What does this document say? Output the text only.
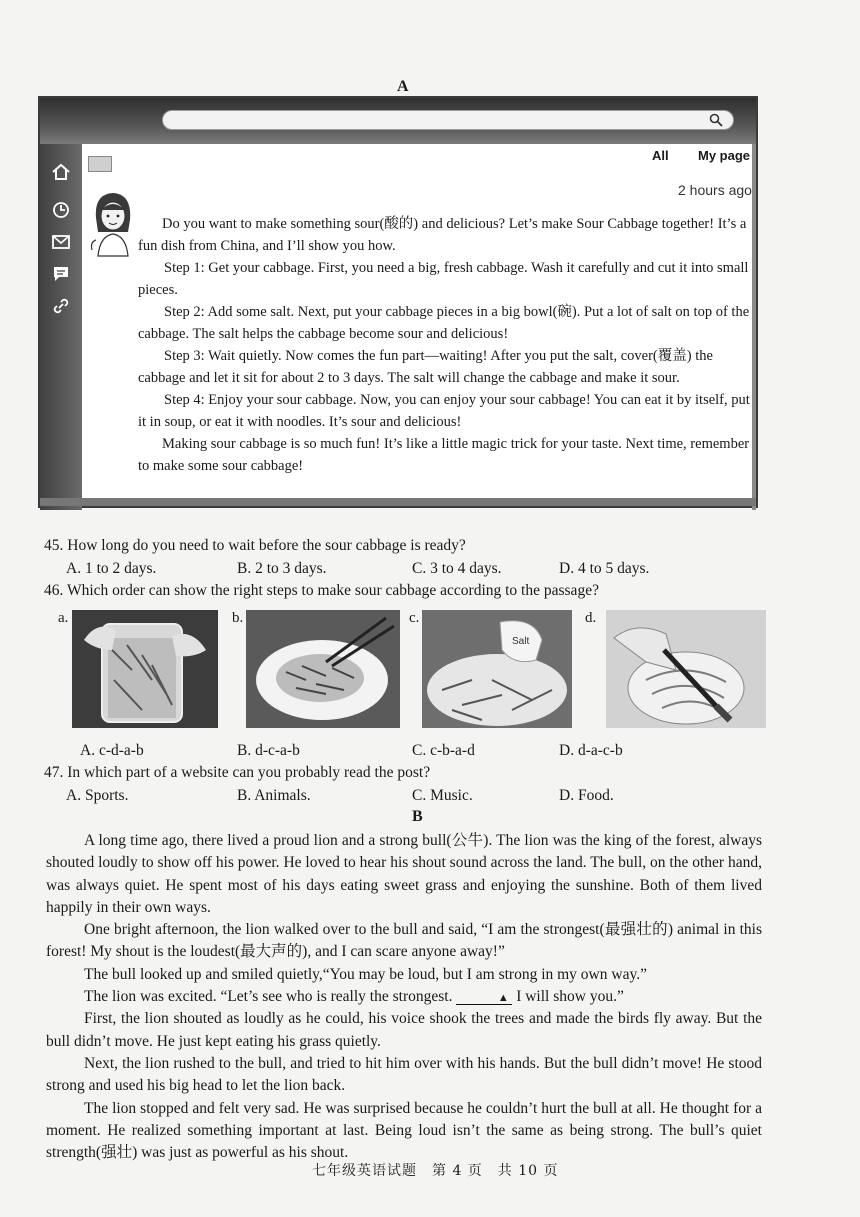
A
All My page
2 hours ago

Do you want to make something sour(酸的) and delicious? Let’s make Sour Cabbage together! It’s a fun dish from China, and I’ll show you how.

Step 1: Get your cabbage. First, you need a big, fresh cabbage. Wash it carefully and cut it into small pieces.

Step 2: Add some salt. Next, put your cabbage pieces in a big bowl(碗). Put a lot of salt on top of the cabbage. The salt helps the cabbage become sour and delicious!

Step 3: Wait quietly. Now comes the fun part—waiting! After you put the salt, cover(覆盖) the cabbage and let it sit for about 2 to 3 days. The salt will change the cabbage and make it sour.

Step 4: Enjoy your sour cabbage. Now, you can enjoy your sour cabbage! You can eat it by itself, put it in soup, or eat it with noodles. It’s sour and delicious!

Making sour cabbage is so much fun! It’s like a little magic trick for your taste. Next time, remember to make some sour cabbage!

45. How long do you need to wait before the sour cabbage is ready?
A. 1 to 2 days.	B. 2 to 3 days.	C. 3 to 4 days.	D. 4 to 5 days.
46. Which order can show the right steps to make sour cabbage according to the passage?
a.	b.	c.
Salt
d.
A. c-d-a-b	B. d-c-a-b	C. c-b-a-d	D. d-a-c-b
47. In which part of a website can you probably read the post?
A. Sports.	B. Animals.	C. Music.	D. Food.
B

A long time ago, there lived a proud lion and a strong bull(公牛). The lion was the king of the forest, always shouted loudly to show off his power. He loved to hear his shout sound across the land. The bull, on the other hand, was always quiet. He spent most of his days eating sweet grass and enjoying the sunshine. Both of them lived happily in their own ways.

One bright afternoon, the lion walked over to the bull and said, “I am the strongest(最强壮的) animal in this forest! My shout is the loudest(最大声的), and I can scare anyone away!”

The bull looked up and smiled quietly,“You may be loud, but I am strong in my own way.”

The lion was excited. “Let’s see who is really the strongest.	▲ I will show you.”

First, the lion shouted as loudly as he could, his voice shook the trees and made the birds fly away. But the bull didn’t move. He just kept eating his grass quietly.

Next, the lion rushed to the bull, and tried to hit him over with his hands. But the bull didn’t move! He stood strong and used his big head to let the lion back.

The lion stopped and felt very sad. He was surprised because he couldn’t hurt the bull at all. He thought for a moment. He realized something important at last. Being loud isn’t the same as being strong. The bull’s quiet strength(强壮) was just as powerful as his shout.

七年级英语试题　第 4 页　共 10 页
